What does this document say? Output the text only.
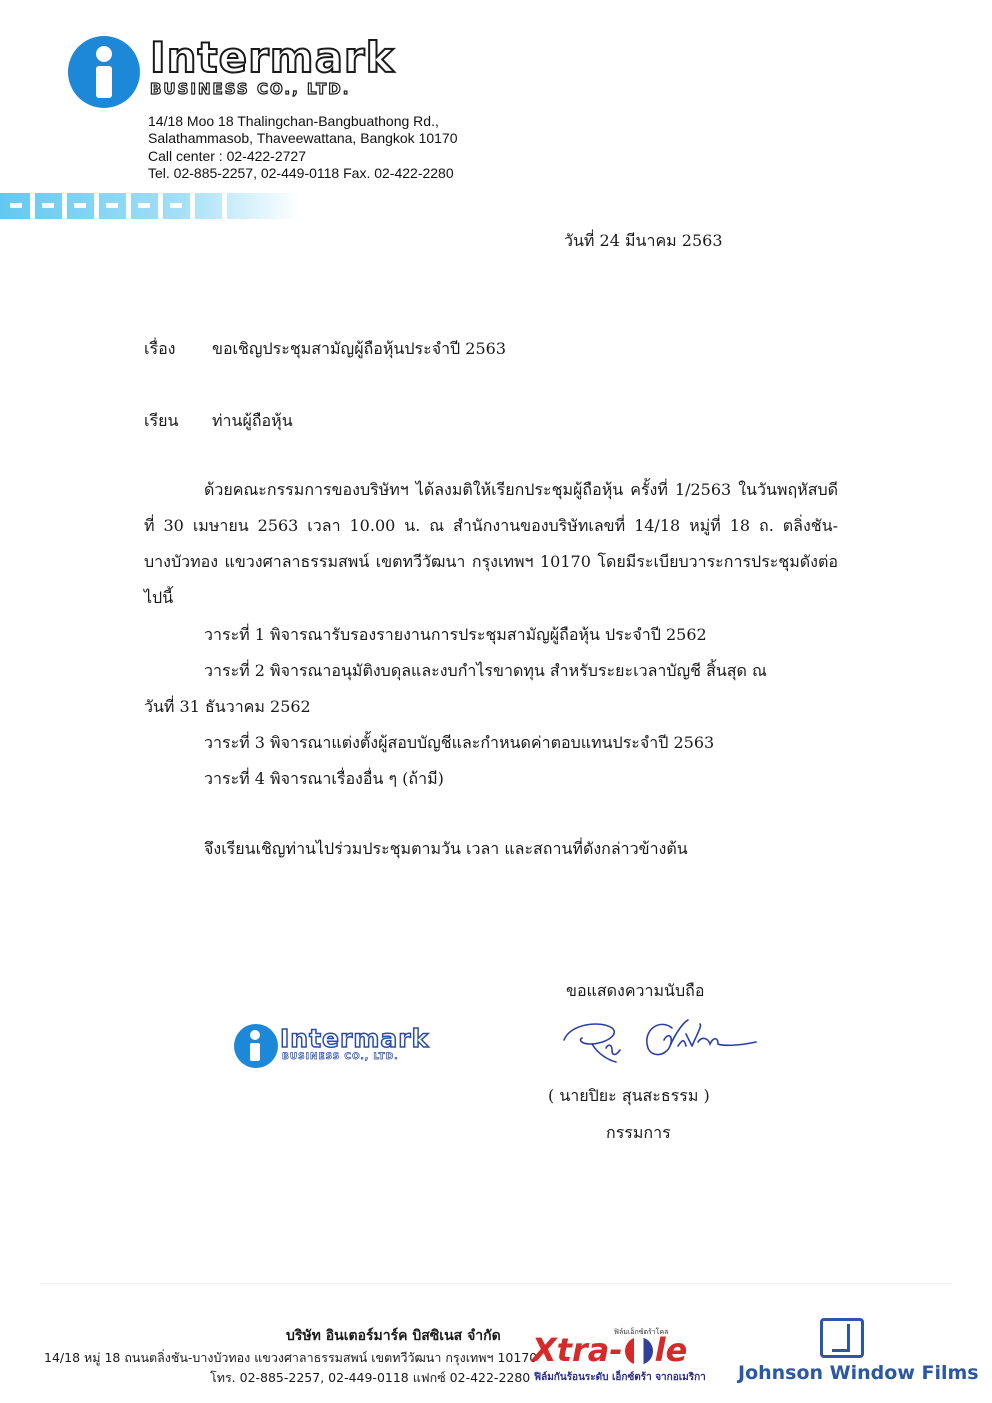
Intermark
BUSINESS CO., LTD.
14/18 Moo 18 Thalingchan-Bangbuathong Rd.,
Salathammasob, Thaveewattana, Bangkok 10170
Call center : 02-422-2727
Tel. 02-885-2257, 02-449-0118 Fax. 02-422-2280
วันที่ 24 มีนาคม 2563
เรื่อง ขอเชิญประชุมสามัญผู้ถือหุ้นประจำปี 2563
เรียน ท่านผู้ถือหุ้น
ด้วยคณะกรรมการของบริษัทฯ ได้ลงมติให้เรียกประชุมผู้ถือหุ้น ครั้งที่ 1/2563 ในวันพฤหัสบดีที่ 30 เมษายน 2563 เวลา 10.00 น. ณ สำนักงานของบริษัทเลขที่ 14/18 หมู่ที่ 18 ถ. ตลิ่งชัน-บางบัวทอง แขวงศาลาธรรมสพน์ เขตทวีวัฒนา กรุงเทพฯ 10170 โดยมีระเบียบวาระการประชุมดังต่อไปนี้
วาระที่ 1 พิจารณารับรองรายงานการประชุมสามัญผู้ถือหุ้น ประจำปี 2562
วาระที่ 2 พิจารณาอนุมัติงบดุลและงบกำไรขาดทุน สำหรับระยะเวลาบัญชี สิ้นสุด ณ
วันที่ 31 ธันวาคม 2562
วาระที่ 3 พิจารณาแต่งตั้งผู้สอบบัญชีและกำหนดค่าตอบแทนประจำปี 2563
วาระที่ 4 พิจารณาเรื่องอื่น ๆ (ถ้ามี)
จึงเรียนเชิญท่านไปร่วมประชุมตามวัน เวลา และสถานที่ดังกล่าวข้างต้น
Intermark
BUSINESS CO., LTD.
ขอแสดงความนับถือ
( นายปิยะ สุนสะธรรม )
กรรมการ
บริษัท อินเตอร์มาร์ค บิสซิเนส จำกัด
14/18 หมู่ 18 ถนนตลิ่งชัน-บางบัวทอง แขวงศาลาธรรมสพน์ เขตทวีวัฒนา กรุงเทพฯ 10170
โทร. 02-885-2257, 02-449-0118 แฟกซ์ 02-422-2280
ฟิล์มเอ็กซ์ตร้าโคล
Xtra- le
ฟิล์มกันร้อนระดับ เอ็กซ์ตร้า จากอเมริกา Johnson Window Films
